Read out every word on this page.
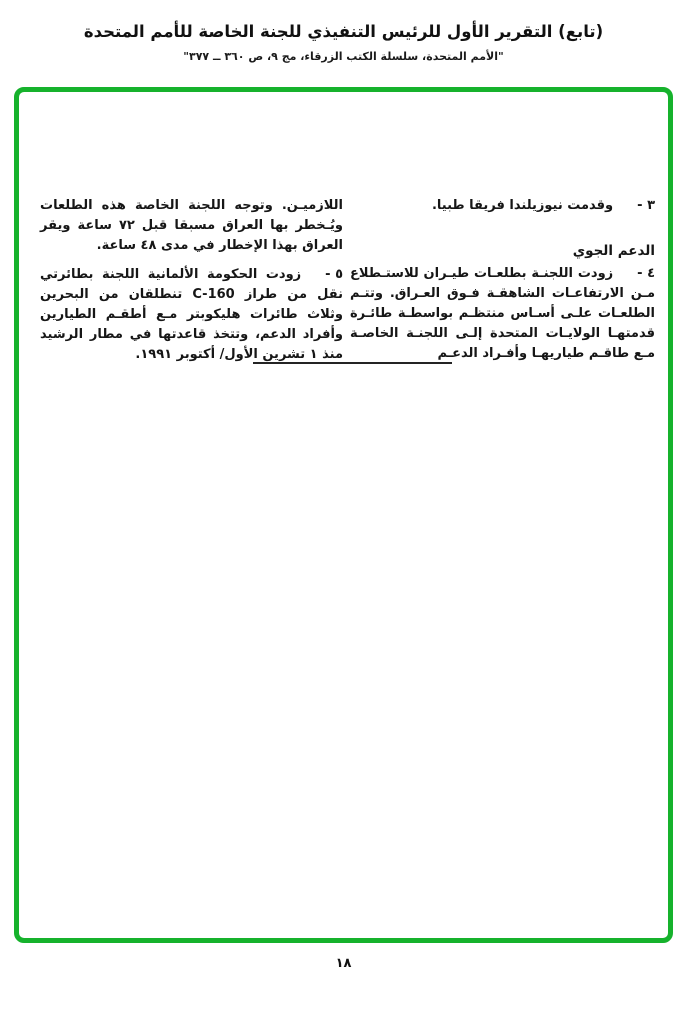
(تابع) التقرير الأول للرئيس التنفيذي للجنة الخاصة للأمم المتحدة
"الأمم المتحدة، سلسلة الكتب الزرقاء، مج ٩، ص ٣٦٠ ــ ٣٧٧"

٣ -وقدمت نيوزيلندا فريقا طبيا.

الدعم الجوي

٤ -زودت اللجنـة بطلعـات طيـران للاستـطلاع مـن الارتفاعـات الشاهقـة فـوق العـراق. وتتـم الطلعـات علـى أسـاس منتظـم بواسطـة طائـرة قدمتهـا الولايـات المتحدة إلـى اللجنـة الخاصـة مـع طاقـم طياريهـا وأفـراد الدعـم

اللازميـن. وتوجه اللجنة الخاصة هذه الطلعات ويُـخطر بها العراق مسبقا قبل ٧٢ ساعة ويقر العراق بهذا الإخطار في مدى ٤٨ ساعة.

٥ -زودت الحكومة الألمانية اللجنة بطائرتي نقل من طراز C-160 تنطلقان من البحرين وثلاث طائرات هليكوبتر مـع أطقـم الطيارين وأفراد الدعم، وتتخذ قاعدتها في مطار الرشيد منذ ١ تشرين الأول/ أكتوبر ١٩٩١.

١٨
